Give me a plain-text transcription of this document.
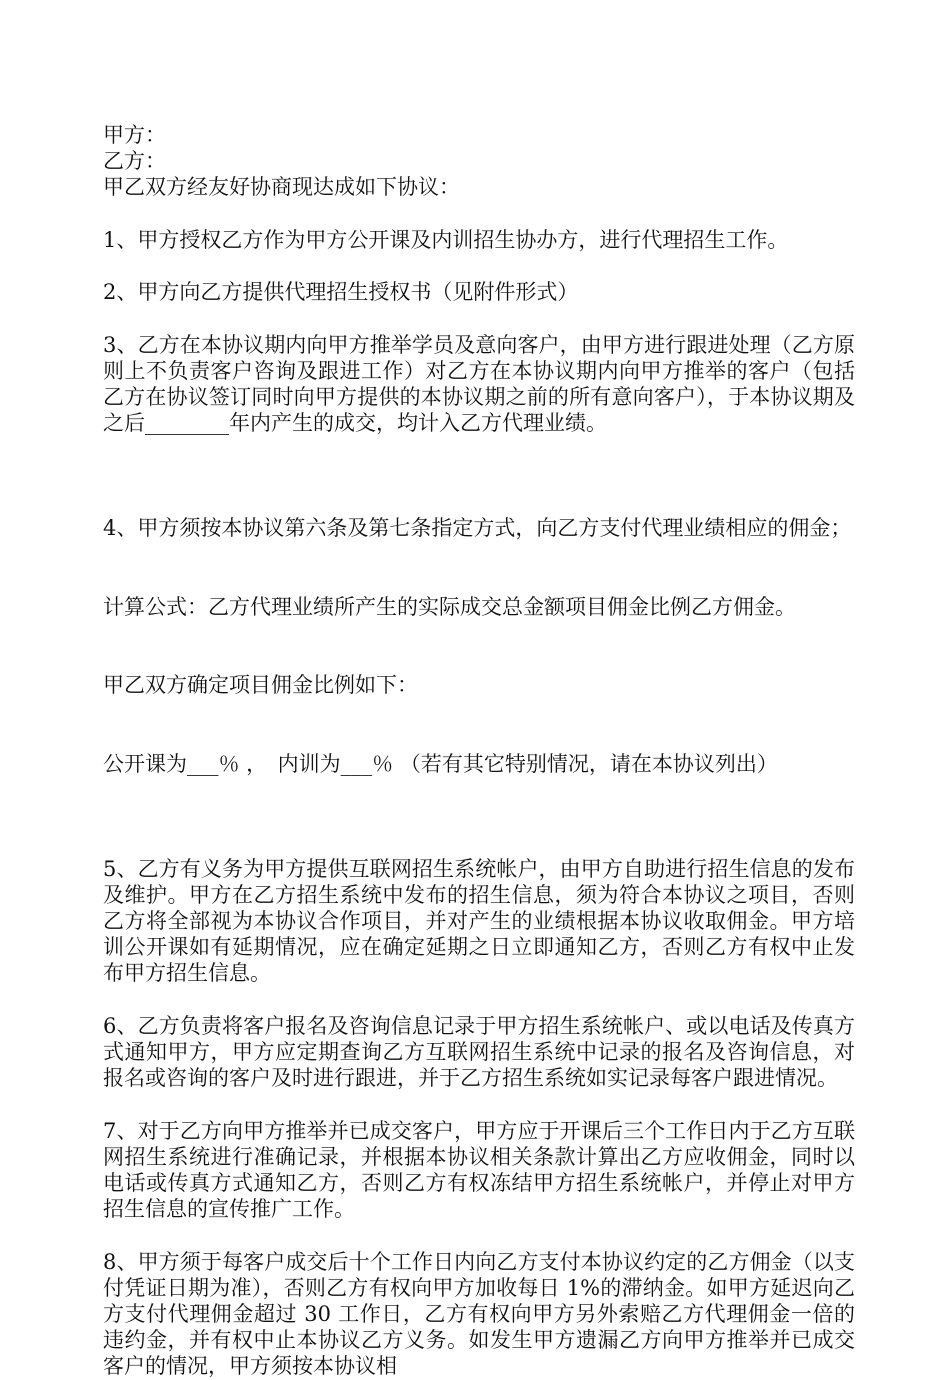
甲方：
乙方：

甲乙双方经友好协商现达成如下协议：

1、甲方授权乙方作为甲方公开课及内训招生协办方，进行代理招生工作。

2、甲方向乙方提供代理招生授权书（见附件形式）

3、乙方在本协议期内向甲方推举学员及意向客户，由甲方进行跟进处理（乙方原则上不负责客户咨询及跟进工作）对乙方在本协议期内向甲方推举的客户（包括乙方在协议签订同时向甲方提供的本协议期之前的所有意向客户），于本协议期及之后________年内产生的成交，均计入乙方代理业绩。

4、甲方须按本协议第六条及第七条指定方式，向乙方支付代理业绩相应的佣金；

计算公式：乙方代理业绩所产生的实际成交总金额项目佣金比例乙方佣金。

甲乙双方确定项目佣金比例如下：

公开课为___％ ，　内训为___％ （若有其它特别情况，请在本协议列出）

5、乙方有义务为甲方提供互联网招生系统帐户，由甲方自助进行招生信息的发布及维护。甲方在乙方招生系统中发布的招生信息，须为符合本协议之项目，否则乙方将全部视为本协议合作项目，并对产生的业绩根据本协议收取佣金。甲方培训公开课如有延期情况，应在确定延期之日立即通知乙方，否则乙方有权中止发布甲方招生信息。

6、乙方负责将客户报名及咨询信息记录于甲方招生系统帐户、或以电话及传真方式通知甲方，甲方应定期查询乙方互联网招生系统中记录的报名及咨询信息，对报名或咨询的客户及时进行跟进，并于乙方招生系统如实记录每客户跟进情况。

7、对于乙方向甲方推举并已成交客户，甲方应于开课后三个工作日内于乙方互联网招生系统进行准确记录，并根据本协议相关条款计算出乙方应收佣金，同时以电话或传真方式通知乙方，否则乙方有权冻结甲方招生系统帐户，并停止对甲方招生信息的宣传推广工作。

8、甲方须于每客户成交后十个工作日内向乙方支付本协议约定的乙方佣金（以支付凭证日期为准），否则乙方有权向甲方加收每日 1%的滞纳金。如甲方延迟向乙方支付代理佣金超过 30 工作日，乙方有权向甲方另外索赔乙方代理佣金一倍的违约金，并有权中止本协议乙方义务。如发生甲方遗漏乙方向甲方推举并已成交客户的情况，甲方须按本协议相
